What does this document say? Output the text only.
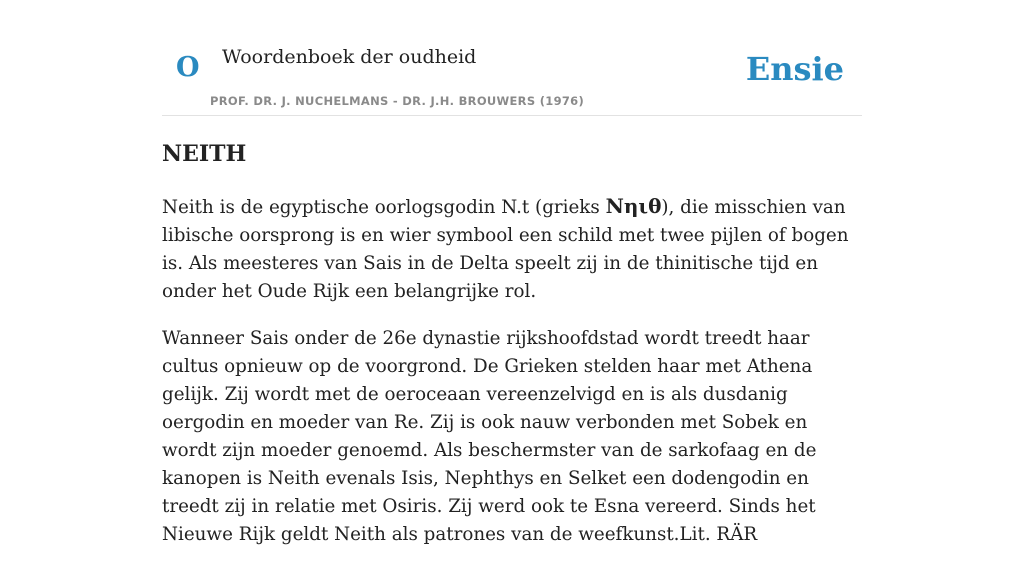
O Woordenboek der oudheid
PROF. DR. J. NUCHELMANS - DR. J.H. BROUWERS (1976)
Ensie
NEITH

Neith is de egyptische oorlogsgodin N.t (grieks Νηιθ), die misschien van libische oorsprong is en wier symbool een schild met twee pijlen of bogen is. Als meesteres van Sais in de Delta speelt zij in de thinitische tijd en onder het Oude Rijk een belangrijke rol.

Wanneer Sais onder de 26e dynastie rijkshoofdstad wordt treedt haar cultus opnieuw op de voorgrond. De Grieken stelden haar met Athena gelijk. Zij wordt met de oeroceaan vereenzelvigd en is als dusdanig oergodin en moeder van Re. Zij is ook nauw verbonden met Sobek en wordt zijn moeder genoemd. Als beschermster van de sarkofaag en de kanopen is Neith evenals Isis, Nephthys en Selket een dodengodin en treedt zij in relatie met Osiris. Zij werd ook te Esna vereerd. Sinds het Nieuwe Rijk geldt Neith als patrones van de weefkunst.Lit. RÄR
